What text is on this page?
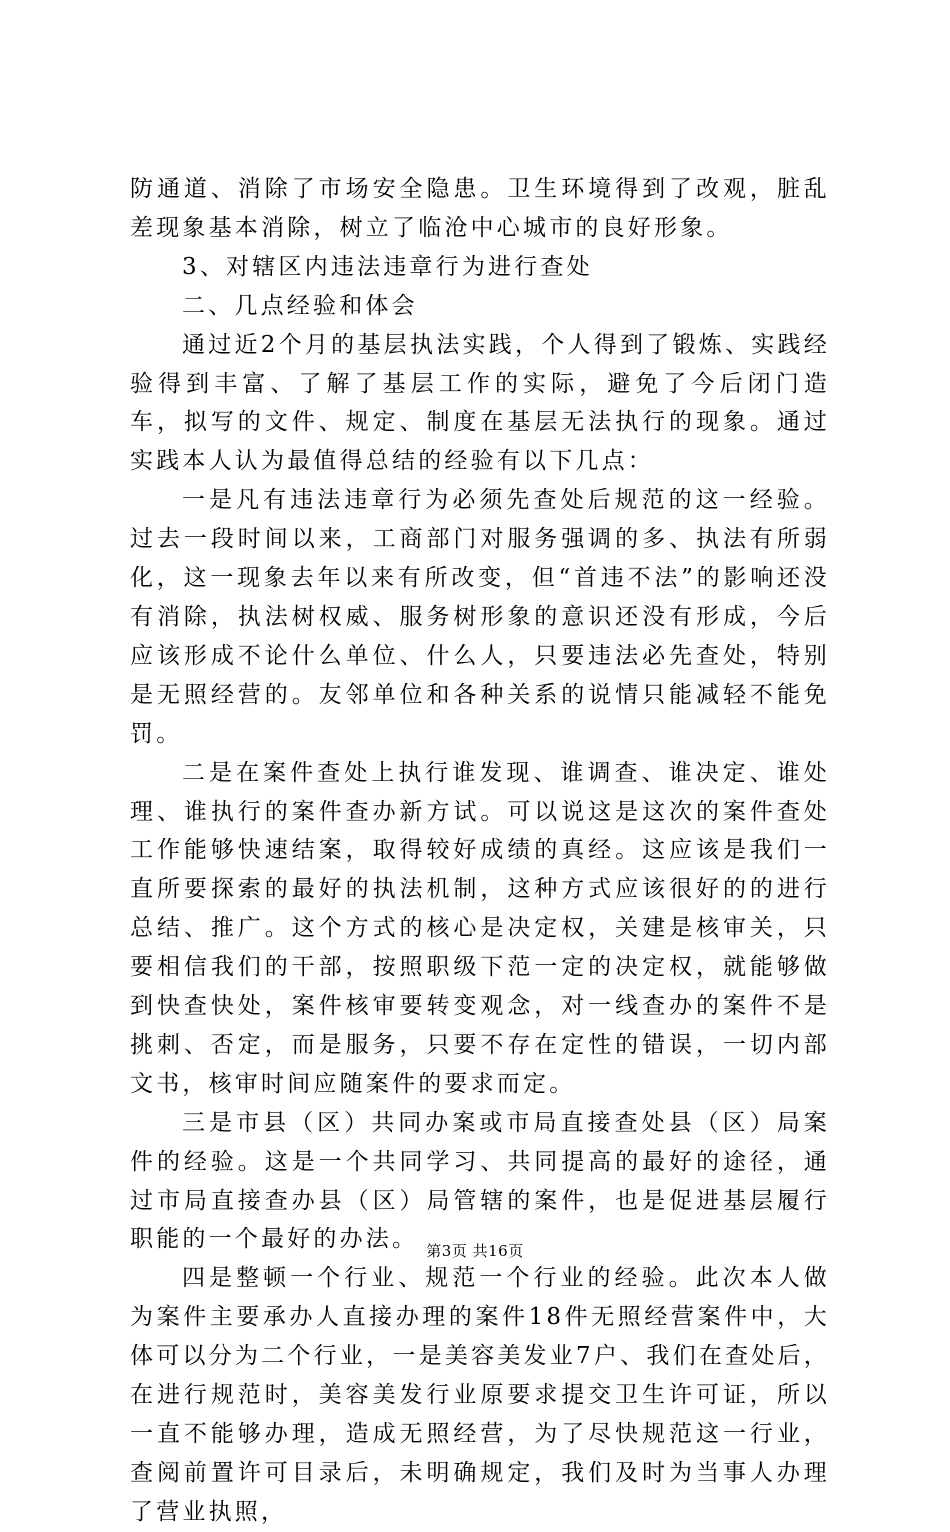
防通道、消除了市场安全隐患。卫生环境得到了改观，脏乱差现象基本消除，树立了临沧中心城市的良好形象。

3、对辖区内违法违章行为进行查处

二、几点经验和体会

通过近2个月的基层执法实践，个人得到了锻炼、实践经验得到丰富、了解了基层工作的实际，避免了今后闭门造车，拟写的文件、规定、制度在基层无法执行的现象。通过实践本人认为最值得总结的经验有以下几点：

一是凡有违法违章行为必须先查处后规范的这一经验。过去一段时间以来，工商部门对服务强调的多、执法有所弱化，这一现象去年以来有所改变，但“首违不法”的影响还没有消除，执法树权威、服务树形象的意识还没有形成，今后应该形成不论什么单位、什么人，只要违法必先查处，特别是无照经营的。友邻单位和各种关系的说情只能减轻不能免罚。

二是在案件查处上执行谁发现、谁调查、谁决定、谁处理、谁执行的案件查办新方试。可以说这是这次的案件查处工作能够快速结案，取得较好成绩的真经。这应该是我们一直所要探索的最好的执法机制，这种方式应该很好的的进行总结、推广。这个方式的核心是决定权，关建是核审关，只要相信我们的干部，按照职级下范一定的决定权，就能够做到快查快处，案件核审要转变观念，对一线查办的案件不是挑刺、否定，而是服务，只要不存在定性的错误，一切内部文书，核审时间应随案件的要求而定。

三是市县（区）共同办案或市局直接查处县（区）局案件的经验。这是一个共同学习、共同提高的最好的途径，通过市局直接查办县（区）局管辖的案件，也是促进基层履行职能的一个最好的办法。

四是整顿一个行业、规范一个行业的经验。此次本人做为案件主要承办人直接办理的案件18件无照经营案件中，大体可以分为二个行业，一是美容美发业7户、我们在查处后，在进行规范时，美容美发行业原要求提交卫生许可证，所以一直不能够办理，造成无照经营，为了尽快规范这一行业，查阅前置许可目录后，未明确规定，我们及时为当事人办理了营业执照，

第3页 共16页
